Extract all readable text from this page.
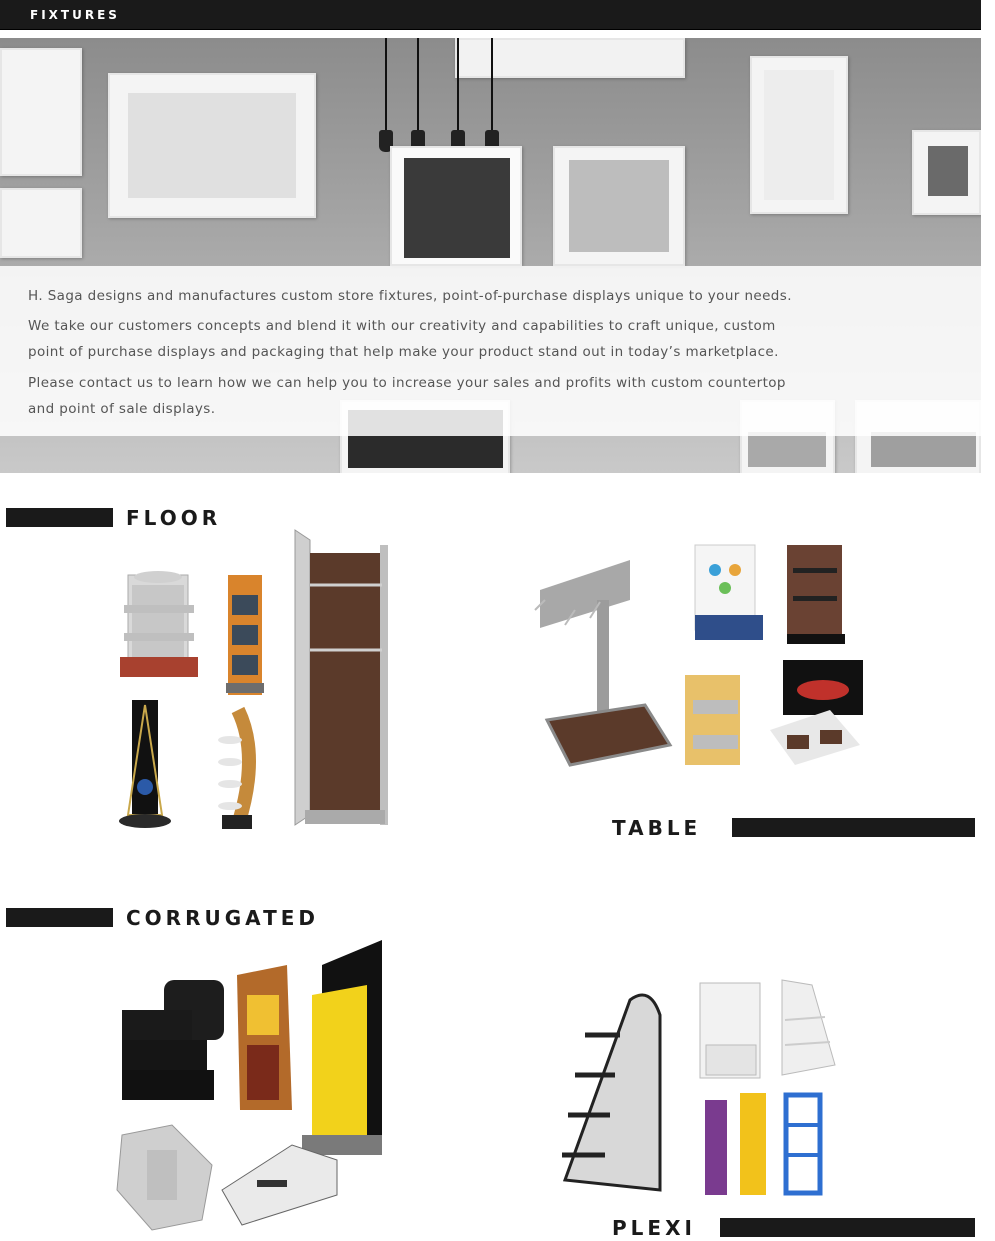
FIXTURES
H. Saga designs and manufactures custom store fixtures, point-of-purchase displays unique to your needs.
We take our customers concepts and blend it with our creativity and capabilities to craft unique, custom
point of purchase displays and packaging that help make your product stand out in today’s marketplace.
Please contact us to learn how we can help you to increase your sales and profits with custom countertop
and point of sale displays.
FLOOR
TABLE
CORRUGATED
PLEXI
